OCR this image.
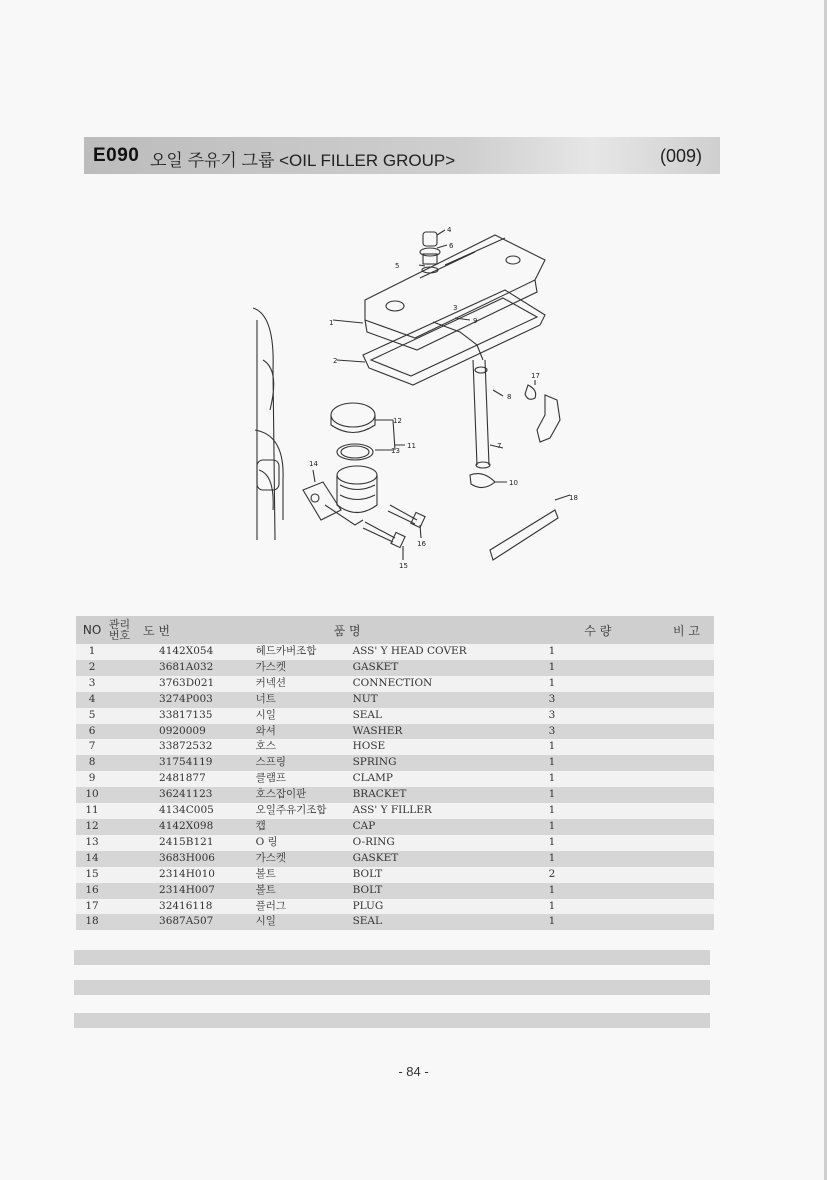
E090 오일 주유기 그룹 <OIL FILLER GROUP>	(009)
1
2
3
4
5
6
7
8
9
10
11
12
13
14
15
16
17
18
NO	관리
번호	도 번	품 명		수 량	비 고
1		4142X054	헤드카버조합	ASS' Y HEAD COVER	1	
2		3681A032	가스켓	GASKET	1	
3		3763D021	커넥션	CONNECTION	1	
4		3274P003	너트	NUT	3	
5		33817135	시일	SEAL	3	
6		0920009	와셔	WASHER	3	
7		33872532	호스	HOSE	1	
8		31754119	스프링	SPRING	1	
9		2481877	클램프	CLAMP	1	
10		36241123	호스잡이판	BRACKET	1	
11		4134C005	오일주유기조합	ASS' Y FILLER	1	
12		4142X098	캡	CAP	1	
13		2415B121	O 링	O-RING	1	
14		3683H006	가스켓	GASKET	1	
15		2314H010	볼트	BOLT	2	
16		2314H007	볼트	BOLT	1	
17		32416118	플러그	PLUG	1	
18		3687A507	시일	SEAL	1	
- 84 -
